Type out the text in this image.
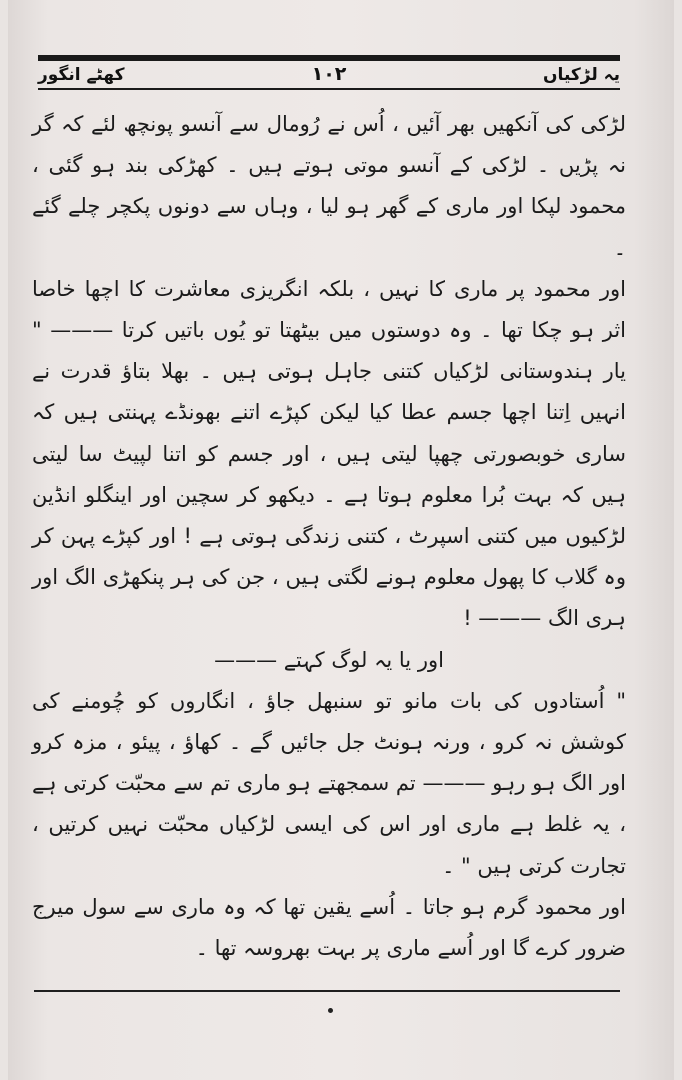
یہ لڑکیاں
١٠٢
کھٹے انگور

لڑکی کی آنکھیں بھر آئیں ، اُس نے رُومال سے آنسو پونچھ لئے کہ گر نہ پڑیں ۔ لڑکی کے آنسو موتی ہوتے ہیں ۔ کھڑکی بند ہو گئی ، محمود لپکا اور ماری کے گھر ہو لیا ، وہاں سے دونوں پکچر چلے گئے ۔

اور محمود پر ماری کا نہیں ، بلکہ انگریزی معاشرت کا اچھا خاصا اثر ہو چکا تھا ۔ وہ دوستوں میں بیٹھتا تو یُوں باتیں کرتا ——— " یار ہندوستانی لڑکیاں کتنی جاہل ہوتی ہیں ۔ بھلا بتاؤ قدرت نے انہیں اِتنا اچھا جسم عطا کیا لیکن کپڑے اتنے بھونڈے پہنتی ہیں کہ ساری خوبصورتی چھپا لیتی ہیں ، اور جسم کو اتنا لپیٹ سا لیتی ہیں کہ بہت بُرا معلوم ہوتا ہے ۔ دیکھو کر سچین اور اینگلو انڈین لڑکیوں میں کتنی اسپرٹ ، کتنی زندگی ہوتی ہے ! اور کپڑے پہن کر وہ گلاب کا پھول معلوم ہونے لگتی ہیں ، جن کی ہر پنکھڑی الگ اور ہری الگ ——— !

اور یا یہ لوگ کہتے ———

" اُستادوں کی بات مانو تو سنبھل جاؤ ، انگاروں کو چُومنے کی کوشش نہ کرو ، ورنہ ہونٹ جل جائیں گے ۔ کھاؤ ، پیئو ، مزہ کرو اور الگ ہو رہو ——— تم سمجھتے ہو ماری تم سے محبّت کرتی ہے ، یہ غلط ہے ماری اور اس کی ایسی لڑکیاں محبّت نہیں کرتیں ، تجارت کرتی ہیں " ۔

اور محمود گرم ہو جاتا ۔ اُسے یقین تھا کہ وہ ماری سے سول میرج ضرور کرے گا اور اُسے ماری پر بہت بھروسہ تھا ۔
